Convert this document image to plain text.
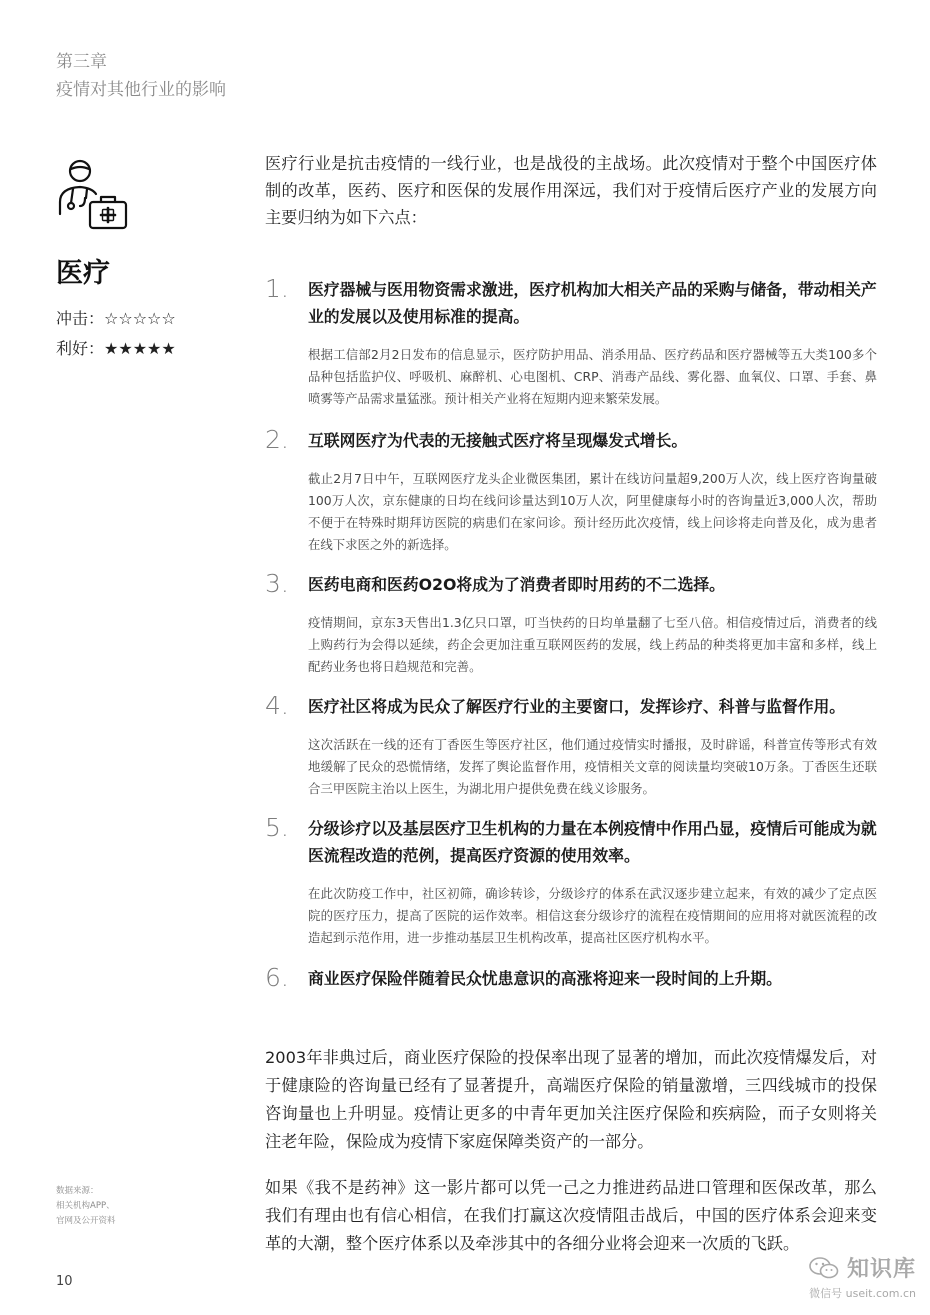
第三章
疫情对其他行业的影响
医疗
冲击：☆☆☆☆☆
利好：★★★★★

医疗行业是抗击疫情的一线行业，也是战役的主战场。此次疫情对于整个中国医疗体制的改革，医药、医疗和医保的发展作用深远，我们对于疫情后医疗产业的发展方向主要归纳为如下六点：

1. 医疗器械与医用物资需求激进，医疗机构加大相关产品的采购与储备，带动相关产业的发展以及使用标准的提高。

根据工信部2月2日发布的信息显示，医疗防护用品、消杀用品、医疗药品和医疗器械等五大类100多个品种包括监护仪、呼吸机、麻醉机、心电图机、CRP、消毒产品线、雾化器、血氧仪、口罩、手套、鼻喷雾等产品需求量猛涨。预计相关产业将在短期内迎来繁荣发展。

2. 互联网医疗为代表的无接触式医疗将呈现爆发式增长。

截止2月7日中午，互联网医疗龙头企业微医集团，累计在线访问量超9,200万人次，线上医疗咨询量破100万人次，京东健康的日均在线问诊量达到10万人次，阿里健康每小时的咨询量近3,000人次，帮助不便于在特殊时期拜访医院的病患们在家问诊。预计经历此次疫情，线上问诊将走向普及化，成为患者在线下求医之外的新选择。

3. 医药电商和医药O2O将成为了消费者即时用药的不二选择。

疫情期间，京东3天售出1.3亿只口罩，叮当快药的日均单量翻了七至八倍。相信疫情过后，消费者的线上购药行为会得以延续，药企会更加注重互联网医药的发展，线上药品的种类将更加丰富和多样，线上配药业务也将日趋规范和完善。

4. 医疗社区将成为民众了解医疗行业的主要窗口，发挥诊疗、科普与监督作用。

这次活跃在一线的还有丁香医生等医疗社区，他们通过疫情实时播报，及时辟谣，科普宣传等形式有效地缓解了民众的恐慌情绪，发挥了舆论监督作用，疫情相关文章的阅读量均突破10万条。丁香医生还联合三甲医院主治以上医生，为湖北用户提供免费在线义诊服务。

5. 分级诊疗以及基层医疗卫生机构的力量在本例疫情中作用凸显，疫情后可能成为就医流程改造的范例，提高医疗资源的使用效率。

在此次防疫工作中，社区初筛，确诊转诊，分级诊疗的体系在武汉逐步建立起来，有效的减少了定点医院的医疗压力，提高了医院的运作效率。相信这套分级诊疗的流程在疫情期间的应用将对就医流程的改造起到示范作用，进一步推动基层卫生机构改革，提高社区医疗机构水平。

6. 商业医疗保险伴随着民众忧患意识的高涨将迎来一段时间的上升期。

2003年非典过后，商业医疗保险的投保率出现了显著的增加，而此次疫情爆发后，对于健康险的咨询量已经有了显著提升，高端医疗保险的销量激增，三四线城市的投保咨询量也上升明显。疫情让更多的中青年更加关注医疗保险和疾病险，而子女则将关注老年险，保险成为疫情下家庭保障类资产的一部分。

如果《我不是药神》这一影片都可以凭一己之力推进药品进口管理和医保改革，那么我们有理由也有信心相信，在我们打赢这次疫情阻击战后，中国的医疗体系会迎来变革的大潮，整个医疗体系以及牵涉其中的各细分业将会迎来一次质的飞跃。

数据来源：
相关机构APP、
官网及公开资料
10	知识库
微信号 useit.com.cn
